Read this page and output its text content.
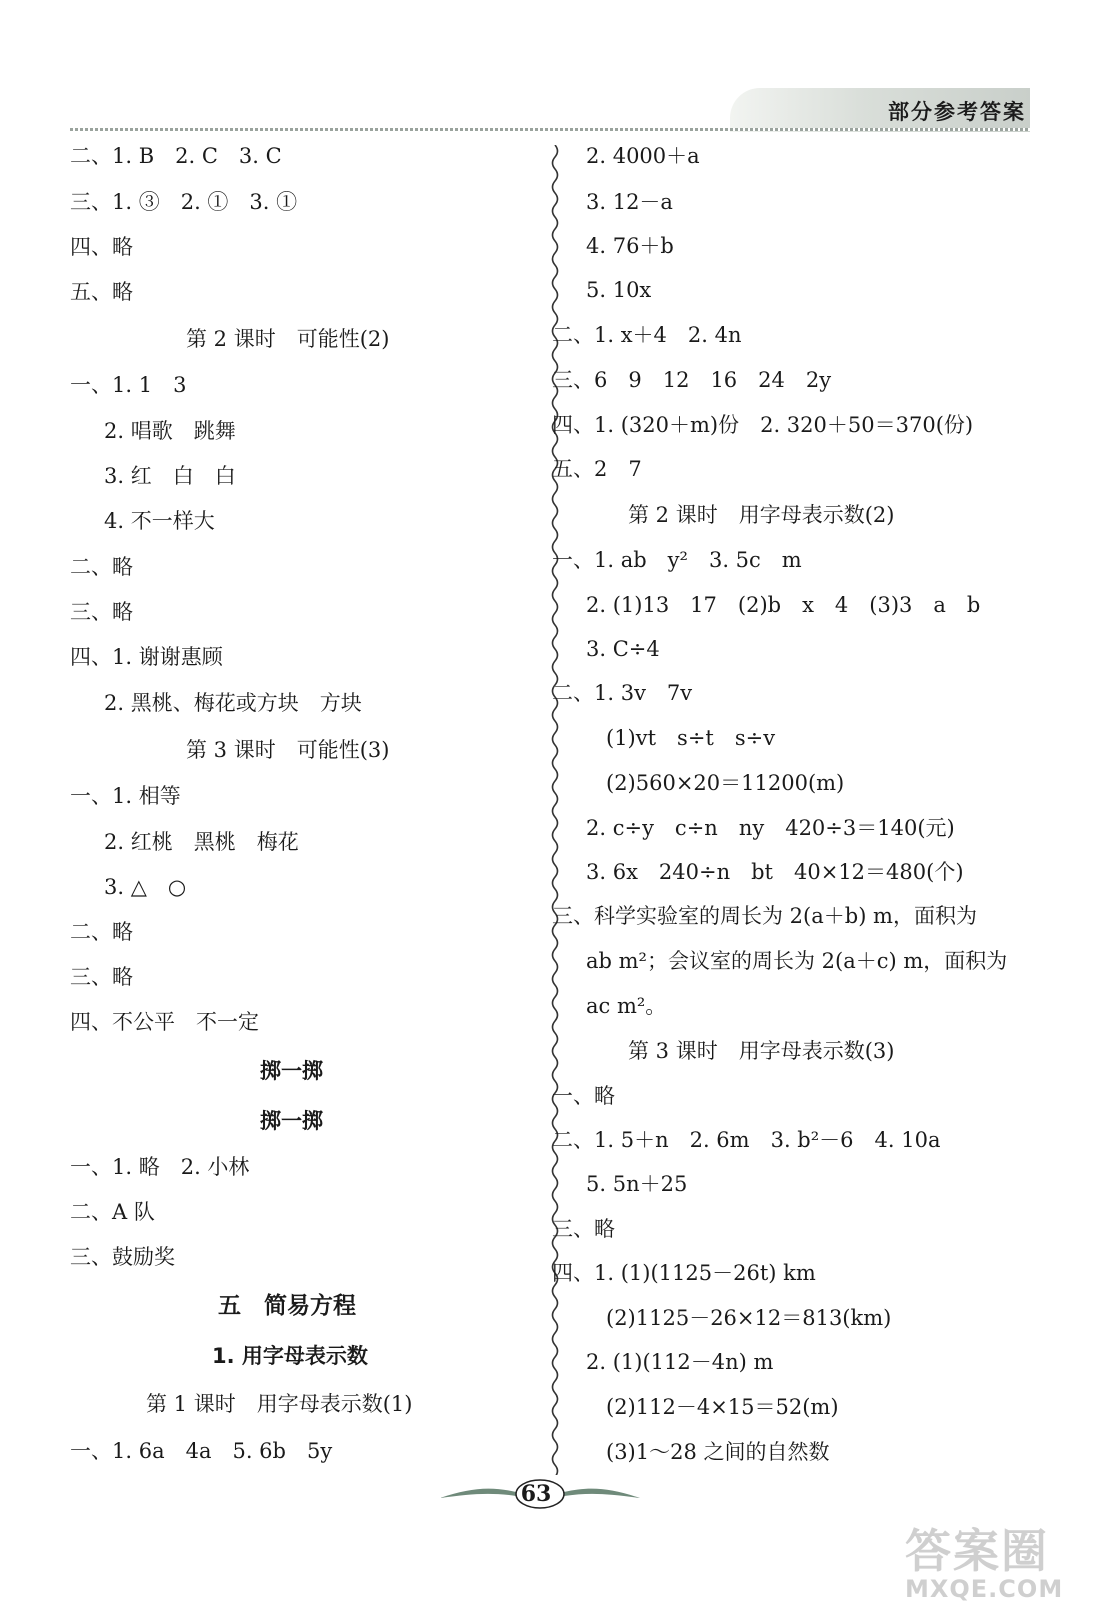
部分参考答案
二、1. B　2. C　3. C
三、1. ③　2. ①　3. ①
四、略
五、略
第 2 课时　可能性(2)
一、1. 1　3
2. 唱歌　跳舞
3. 红　白　白
4. 不一样大
二、略
三、略
四、1. 谢谢惠顾
2. 黑桃、梅花或方块　方块
第 3 课时　可能性(3)
一、1. 相等
2. 红桃　黑桃　梅花
3. △　○
二、略
三、略
四、不公平　不一定
掷一掷
掷一掷
一、1. 略　2. 小林
二、A 队
三、鼓励奖
五　简易方程
1. 用字母表示数
第 1 课时　用字母表示数(1)
一、1. 6a　4a　5. 6b　5y
2. 4000＋a
3. 12－a
4. 76＋b
5. 10x
二、1. x＋4　2. 4n
三、6　9　12　16　24　2y
四、1. (320＋m)份　2. 320＋50＝370(份)
五、2　7
第 2 课时　用字母表示数(2)
一、1. ab　y²　3. 5c　m
2. (1)13　17　(2)b　x　4　(3)3　a　b
3. C÷4
二、1. 3v　7v
(1)vt　s÷t　s÷v
(2)560×20＝11200(m)
2. c÷y　c÷n　ny　420÷3＝140(元)
3. 6x　240÷n　bt　40×12＝480(个)
三、科学实验室的周长为 2(a＋b) m，面积为
ab m²；会议室的周长为 2(a＋c) m，面积为
ac m²。
第 3 课时　用字母表示数(3)
一、略
二、1. 5＋n　2. 6m　3. b²－6　4. 10a
5. 5n＋25
三、略
四、1. (1)(1125－26t) km
(2)1125－26×12＝813(km)
2. (1)(112－4n) m
(2)112－4×15＝52(m)
(3)1～28 之间的自然数
63
答案圈
MXQE.COM
